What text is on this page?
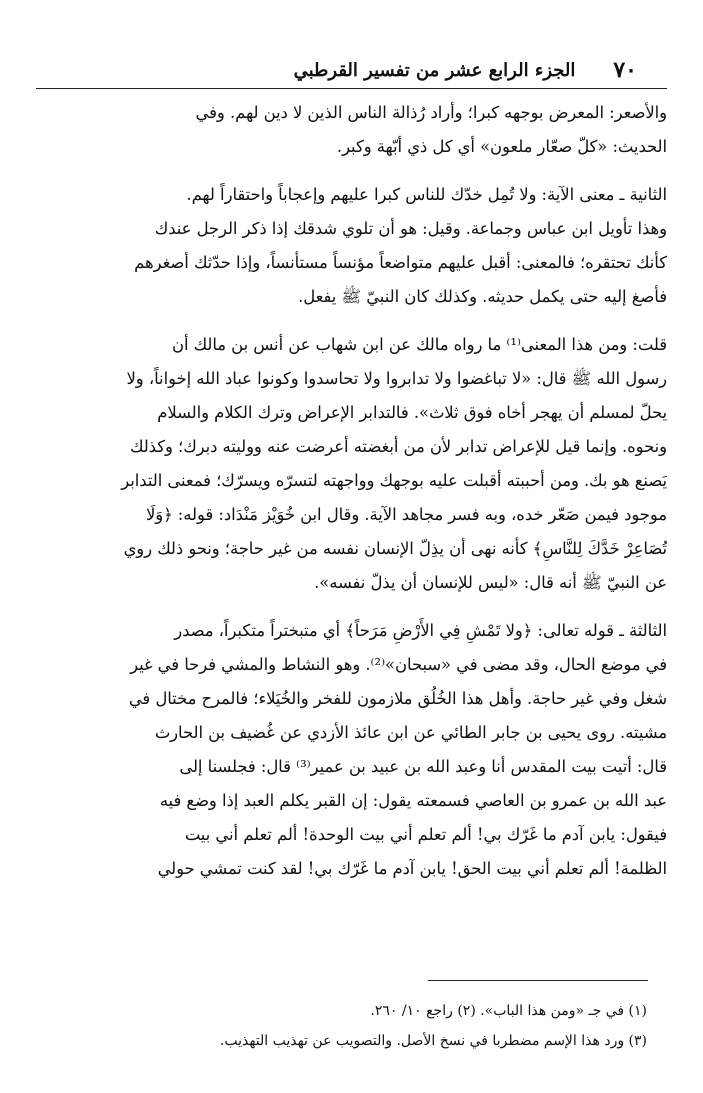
٧٠
الجزء الرابع عشر من تفسير القرطبي

والأصعر: المعرض بوجهه كبرا؛ وأراد رُذالة الناس الذين لا دين لهم. وفي
الحديث: «كلّ صعّار ملعون» أي كل ذي أبّهة وكبر.

الثانية ـ معنى الآية: ولا تُمِل خدّك للناس كبرا عليهم وإعجاباً واحتقاراً لهم.
وهذا تأويل ابن عباس وجماعة. وقيل: هو أن تلوي شدقك إذا ذكر الرجل عندك
كأنك تحتقره؛ فالمعنى: أقبل عليهم متواضعاً مؤنساً مستأنساً، وإذا حدّثك أصغرهم
فأصغ إليه حتى يكمل حديثه. وكذلك كان النبيّ ﷺ يفعل.

قلت: ومن هذا المعنى⁽¹⁾ ما رواه مالك عن ابن شهاب عن أنس بن مالك أن
رسول الله ﷺ قال: «لا تباغضوا ولا تدابروا ولا تحاسدوا وكونوا عباد الله إخواناً، ولا
يحلّ لمسلم أن يهجر أخاه فوق ثلاث». فالتدابر الإعراض وترك الكلام والسلام
ونحوه. وإنما قيل للإعراض تدابر لأن من أبغضته أعرضت عنه ووليته دبرك؛ وكذلك
يَصنع هو بك. ومن أحببته أقبلت عليه بوجهك وواجهته لتسرّه ويسرّك؛ فمعنى التدابر
موجود فيمن صَعّر خده، وبه فسر مجاهد الآية. وقال ابن خُوَيْز مَنْدَاد: قوله: ﴿وَلَا
تُصَاعِرْ خَدَّكَ لِلنَّاسِ﴾ كأنه نهى أن يذِلّ الإنسان نفسه من غير حاجة؛ ونحو ذلك روي
عن النبيّ ﷺ أنه قال: «ليس للإنسان أن يذلّ نفسه».

الثالثة ـ قوله تعالى: ﴿ولا تَمْشِ فِي الأَرْضِ مَرَحاً﴾ أي متبختراً متكبراً، مصدر
في موضع الحال، وقد مضى في «سبحان»⁽²⁾. وهو النشاط والمشي فرحا في غير
شغل وفي غير حاجة. وأهل هذا الخُلُق ملازمون للفخر والخُيَلاء؛ فالمرح مختال في
مشيته. روى يحيى بن جابر الطائي عن ابن عائذ الأزدي عن غُضيف بن الحارث
قال: أتيت بيت المقدس أنا وعبد الله بن عبيد بن عمير⁽³⁾ قال: فجلسنا إلى
عبد الله بن عمرو بن العاصي فسمعته يقول: إن القبر يكلم العبد إذا وضع فيه
فيقول: يابن آدم ما غَرّك بي! ألم تعلم أني بيت الوحدة! ألم تعلم أني بيت
الظلمة! ألم تعلم أني بيت الحق! يابن آدم ما غَرّك بي! لقد كنت تمشي حولي

(١) في جـ «ومن هذا الباب». (٢) راجع ١٠/ ٢٦٠.
(٣) ورد هذا الإسم مضطربا في نسخ الأصل. والتصويب عن تهذيب التهذيب.
